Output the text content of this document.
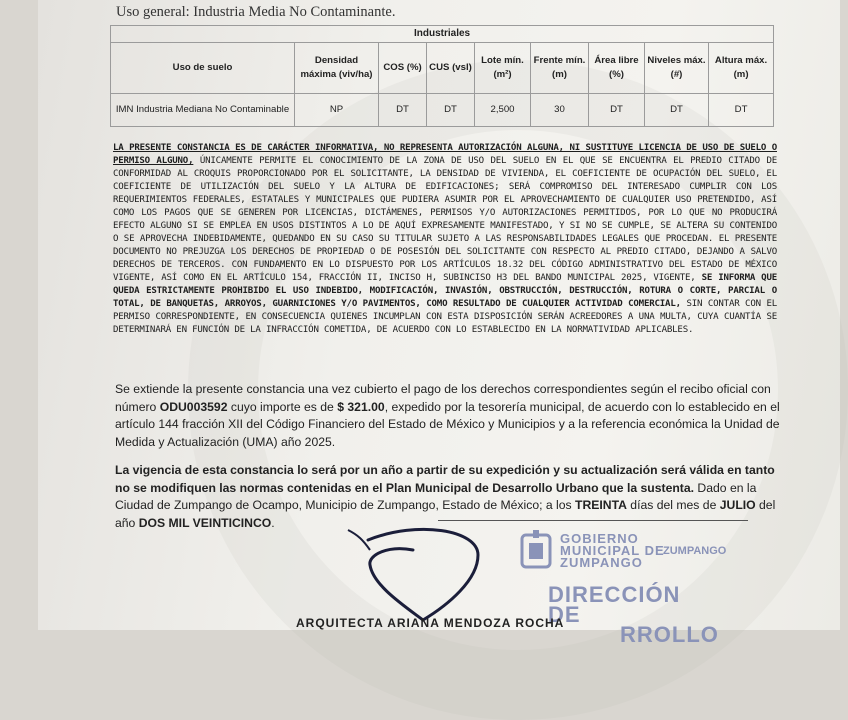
Uso general: Industria Media No Contaminante.
Industriales								
Uso de suelo	Densidad máxima (viv/ha)	COS (%)	CUS (vsl)	Lote mín. (m²)	Frente mín. (m)	Área libre (%)	Niveles máx. (#)	Altura máx. (m)
IMN Industria Mediana No Contaminable	NP	DT	DT	2,500	30	DT	DT	DT
LA PRESENTE CONSTANCIA ES DE CARÁCTER INFORMATIVA, NO REPRESENTA AUTORIZACIÓN ALGUNA, NI SUSTITUYE LICENCIA DE USO DE SUELO O PERMISO ALGUNO, ÚNICAMENTE PERMITE EL CONOCIMIENTO DE LA ZONA DE USO DEL SUELO EN EL QUE SE ENCUENTRA EL PREDIO CITADO DE CONFORMIDAD AL CROQUIS PROPORCIONADO POR EL SOLICITANTE, LA DENSIDAD DE VIVIENDA, EL COEFICIENTE DE OCUPACIÓN DEL SUELO, EL COEFICIENTE DE UTILIZACIÓN DEL SUELO Y LA ALTURA DE EDIFICACIONES; SERÁ COMPROMISO DEL INTERESADO CUMPLIR CON LOS REQUERIMIENTOS FEDERALES, ESTATALES Y MUNICIPALES QUE PUDIERA ASUMIR POR EL APROVECHAMIENTO DE CUALQUIER USO PRETENDIDO, ASÍ COMO LOS PAGOS QUE SE GENEREN POR LICENCIAS, DICTÁMENES, PERMISOS Y/O AUTORIZACIONES PERMITIDOS, POR LO QUE NO PRODUCIRÁ EFECTO ALGUNO SI SE EMPLEA EN USOS DISTINTOS A LO DE AQUÍ EXPRESAMENTE MANIFESTADO, Y SI NO SE CUMPLE, SE ALTERA SU CONTENIDO O SE APROVECHA INDEBIDAMENTE, QUEDANDO EN SU CASO SU TITULAR SUJETO A LAS RESPONSABILIDADES LEGALES QUE PROCEDAN. EL PRESENTE DOCUMENTO NO PREJUZGA LOS DERECHOS DE PROPIEDAD O DE POSESIÓN DEL SOLICITANTE CON RESPECTO AL PREDIO CITADO, DEJANDO A SALVO DERECHOS DE TERCEROS. CON FUNDAMENTO EN LO DISPUESTO POR LOS ARTÍCULOS 18.32 DEL CÓDIGO ADMINISTRATIVO DEL ESTADO DE MÉXICO VIGENTE, ASÍ COMO EN EL ARTÍCULO 154, FRACCIÓN II, INCISO H, SUBINCISO H3 DEL BANDO MUNICIPAL 2025, VIGENTE, SE INFORMA QUE QUEDA ESTRICTAMENTE PROHIBIDO EL USO INDEBIDO, MODIFICACIÓN, INVASIÓN, OBSTRUCCIÓN, DESTRUCCIÓN, ROTURA O CORTE, PARCIAL O TOTAL, DE BANQUETAS, ARROYOS, GUARNICIONES Y/O PAVIMENTOS, COMO RESULTADO DE CUALQUIER ACTIVIDAD COMERCIAL, SIN CONTAR CON EL PERMISO CORRESPONDIENTE, EN CONSECUENCIA QUIENES INCUMPLAN CON ESTA DISPOSICIÓN SERÁN ACREEDORES A UNA MULTA, CUYA CUANTÍA SE DETERMINARÁ EN FUNCIÓN DE LA INFRACCIÓN COMETIDA, DE ACUERDO CON LO ESTABLECIDO EN LA NORMATIVIDAD APLICABLES.
Se extiende la presente constancia una vez cubierto el pago de los derechos correspondientes según el recibo oficial con número ODU003592 cuyo importe es de $ 321.00, expedido por la tesorería municipal, de acuerdo con lo establecido en el artículo 144 fracción XII del Código Financiero del Estado de México y Municipios y a la referencia económica la Unidad de Medida y Actualización (UMA) año 2025.
La vigencia de esta constancia lo será por un año a partir de su expedición y su actualización será válida en tanto no se modifiquen las normas contenidas en el Plan Municipal de Desarrollo Urbano que la sustenta. Dado en la Ciudad de Zumpango de Ocampo, Municipio de Zumpango, Estado de México; a los TREINTA días del mes de JULIO del año DOS MIL VEINTICINCO.
GOBIERNO
MUNICIPAL DE
ZUMPANGO
ZUMPANGO
DIRECCIÓN DE
RROLLO
ARQUITECTA ARIANA MENDOZA ROCHA
